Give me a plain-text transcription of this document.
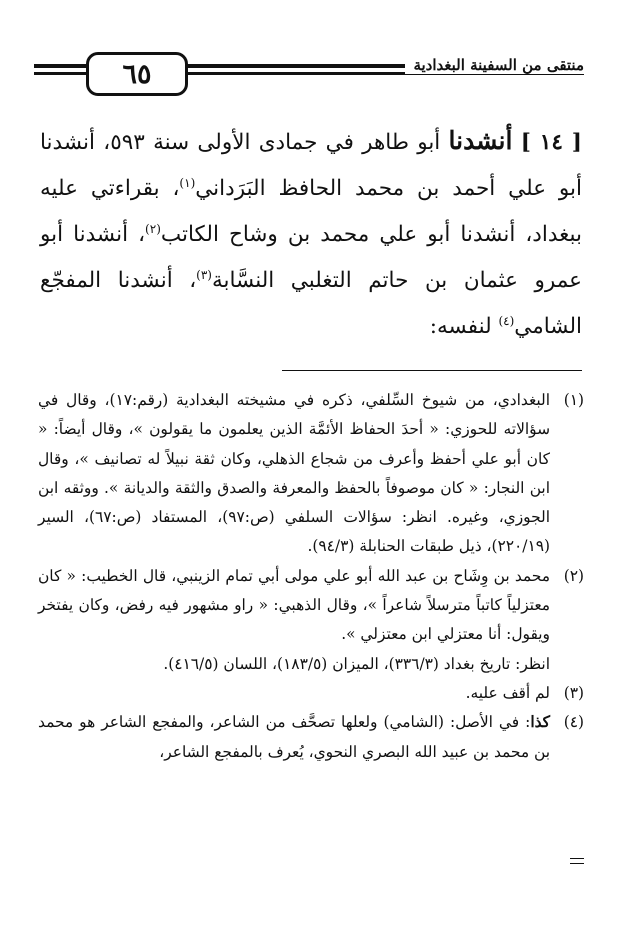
٦٥	منتقى من السفينة البغدادية

[ ١٤ ] أنشدنا أبو طاهر في جمادى الأولى سنة ٥٩٣، أنشدنا أبو علي أحمد بن محمد الحافظ البَرَداني$^{(١)}$، بقراءتي عليه ببغداد، أنشدنا أبو علي محمد بن وشاح الكاتب$^{(٢)}$، أنشدنا أبو عمرو عثمان بن حاتم التغلبي النسَّابة$^{(٣)}$، أنشدنا المفجّع الشامي$^{(٤)}$ لنفسه:

(١)البغدادي، من شيوخ السِّلفي، ذكره في مشيخته البغدادية (رقم:١٧)، وقال في سؤالاته للحوزي: « أحدَ الحفاظ الأئمَّة الذين يعلمون ما يقولون »، وقال أيضاً: « كان أبو علي أحفظ وأعرف من شجاع الذهلي، وكان ثقة نبيلاً له تصانيف »، وقال ابن النجار: « كان موصوفاً بالحفظ والمعرفة والصدق والثقة والديانة ». ووثقه ابن الجوزي، وغيره. انظر: سؤالات السلفي (ص:٩٧)، المستفاد (ص:٦٧)، السير (٢٢٠/١٩)، ذيل طبقات الحنابلة (٩٤/٣).

(٢)محمد بن وِشَاح بن عبد الله أبو علي مولى أبي تمام الزينبي، قال الخطيب: « كان معتزلياً كاتباً مترسلاً شاعراً »، وقال الذهبي: « راو مشهور فيه رفض، وكان يفتخر ويقول: أنا معتزلي ابن معتزلي ».
انظر: تاريخ بغداد (٣٣٦/٣)، الميزان (١٨٣/٥)، اللسان (٤١٦/٥).

(٣)لم أقف عليه.

(٤)كذا: في الأصل: (الشامي) ولعلها تصحَّف من الشاعر، والمفجع الشاعر هو محمد بن محمد بن عبيد الله البصري النحوي، يُعرف بالمفجع الشاعر،
